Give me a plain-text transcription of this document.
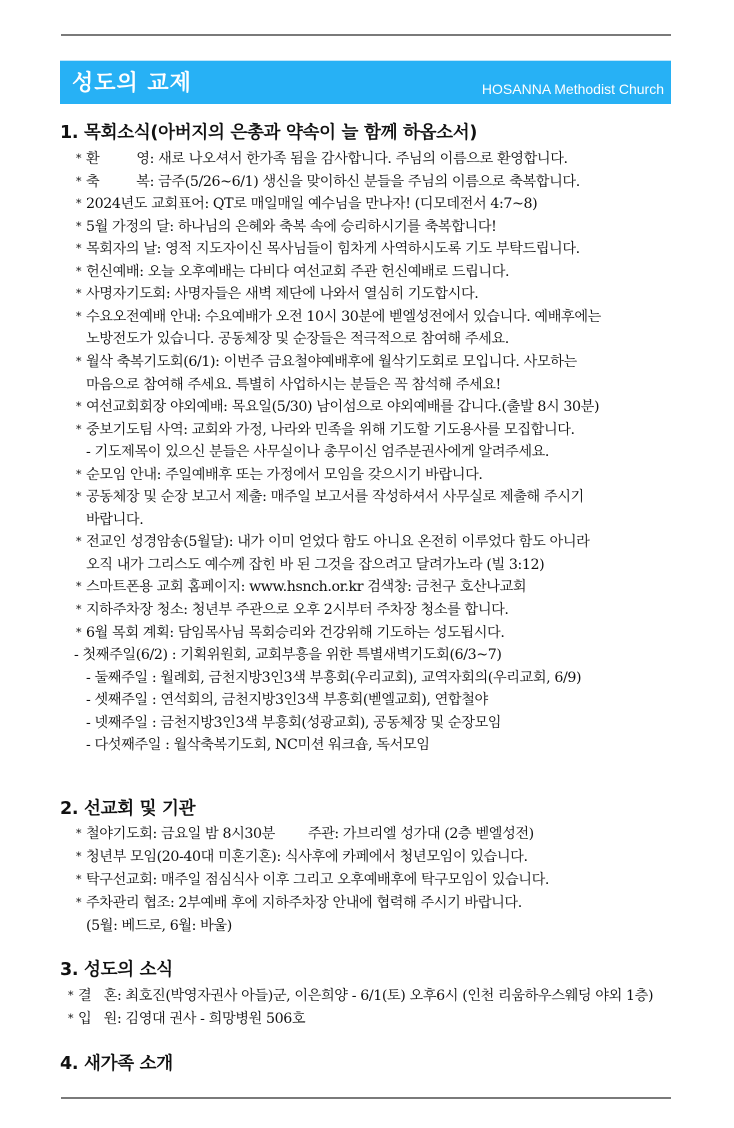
성도의 교제	HOSANNA Methodist Church
1. 목회소식(아버지의 은총과 약속이 늘 함께 하옵소서)
* 환         영: 새로 나오셔서 한가족 됨을 감사합니다. 주님의 이름으로 환영합니다.
* 축         복: 금주(5/26~6/1) 생신을 맞이하신 분들을 주님의 이름으로 축복합니다.
* 2024년도 교회표어: QT로 매일매일 예수님을 만나자! (디모데전서 4:7~8)
* 5월 가정의 달: 하나님의 은혜와 축복 속에 승리하시기를 축복합니다!
* 목회자의 날: 영적 지도자이신 목사님들이 힘차게 사역하시도록 기도 부탁드립니다.
* 헌신예배: 오늘 오후예배는 다비다 여선교회 주관 헌신예배로 드립니다.
* 사명자기도회: 사명자들은 새벽 제단에 나와서 열심히 기도합시다.
* 수요오전예배 안내: 수요예배가 오전 10시 30분에 벧엘성전에서 있습니다. 예배후에는
노방전도가 있습니다. 공동체장 및 순장들은 적극적으로 참여해 주세요.
* 월삭 축복기도회(6/1): 이번주 금요철야예배후에 월삭기도회로 모입니다. 사모하는
마음으로 참여해 주세요. 특별히 사업하시는 분들은 꼭 참석해 주세요!
* 여선교회회장 야외예배: 목요일(5/30) 남이섬으로 야외예배를 갑니다.(출발 8시 30분)
* 중보기도팀 사역: 교회와 가정, 나라와 민족을 위해 기도할 기도용사를 모집합니다.
- 기도제목이 있으신 분들은 사무실이나 총무이신 엄주분권사에게 알려주세요.
* 순모임 안내: 주일예배후 또는 가정에서 모임을 갖으시기 바랍니다.
* 공동체장 및 순장 보고서 제출: 매주일 보고서를 작성하셔서 사무실로 제출해 주시기
바랍니다.
* 전교인 성경암송(5월달): 내가 이미 얻었다 함도 아니요 온전히 이루었다 함도 아니라
오직 내가 그리스도 예수께 잡힌 바 된 그것을 잡으려고 달려가노라 (빌 3:12)
* 스마트폰용 교회 홈페이지: www.hsnch.or.kr 검색창: 금천구 호산나교회
* 지하주차장 청소: 청년부 주관으로 오후 2시부터 주차장 청소를 합니다.
* 6월 목회 계획: 담임목사님 목회승리와 건강위해 기도하는 성도됩시다.
- 첫째주일(6/2) : 기획위원회, 교회부흥을 위한 특별새벽기도회(6/3~7)
- 둘째주일 : 월례회, 금천지방3인3색 부흥회(우리교회), 교역자회의(우리교회, 6/9)
- 셋째주일 : 연석회의, 금천지방3인3색 부흥회(벧엘교회), 연합철야
- 넷째주일 : 금천지방3인3색 부흥회(성광교회), 공동체장 및 순장모임
- 다섯째주일 : 월삭축복기도회, NC미션 워크숍, 독서모임
2. 선교회 및 기관
* 철야기도회: 금요일 밤 8시30분        주관: 가브리엘 성가대 (2층 벧엘성전)
* 청년부 모임(20-40대 미혼기혼): 식사후에 카페에서 청년모임이 있습니다.
* 탁구선교회: 매주일 점심식사 이후 그리고 오후예배후에 탁구모임이 있습니다.
* 주차관리 협조: 2부예배 후에 지하주차장 안내에 협력해 주시기 바랍니다.
(5월: 베드로, 6월: 바울)
3. 성도의 소식
* 결   혼: 최호진(박영자권사 아들)군, 이은희양 - 6/1(토) 오후6시 (인천 리움하우스웨딩 야외 1층)
* 입   원: 김영대 권사 - 희망병원 506호
4. 새가족 소개
